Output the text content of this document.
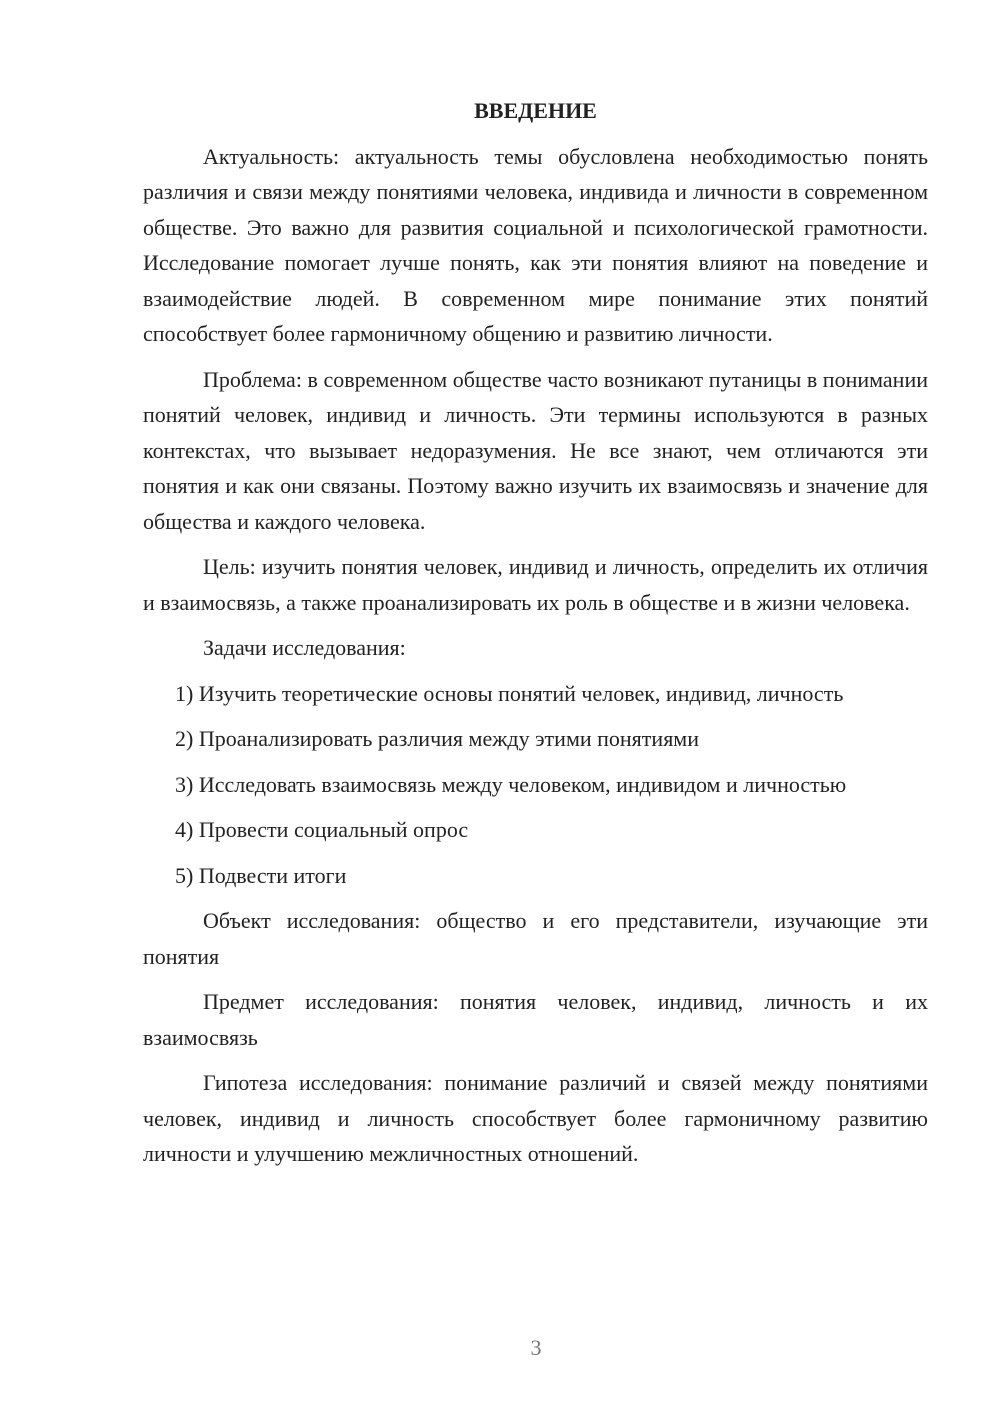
ВВЕДЕНИЕ

Актуальность: актуальность темы обусловлена необходимостью понять различия и связи между понятиями человека, индивида и личности в современном обществе. Это важно для развития социальной и психологической грамотности. Исследование помогает лучше понять, как эти понятия влияют на поведение и взаимодействие людей. В современном мире понимание этих понятий способствует более гармоничному общению и развитию личности.

Проблема: в современном обществе часто возникают путаницы в понимании понятий человек, индивид и личность. Эти термины используются в разных контекстах, что вызывает недоразумения. Не все знают, чем отличаются эти понятия и как они связаны. Поэтому важно изучить их взаимосвязь и значение для общества и каждого человека.

Цель: изучить понятия человек, индивид и личность, определить их отличия и взаимосвязь, а также проанализировать их роль в обществе и в жизни человека.

Задачи исследования:

1) Изучить теоретические основы понятий человек, индивид, личность

2) Проанализировать различия между этими понятиями

3) Исследовать взаимосвязь между человеком, индивидом и личностью

4) Провести социальный опрос

5) Подвести итоги

Объект исследования: общество и его представители, изучающие эти понятия

Предмет исследования: понятия человек, индивид, личность и их взаимосвязь

Гипотеза исследования: понимание различий и связей между понятиями человек, индивид и личность способствует более гармоничному развитию личности и улучшению межличностных отношений.

3
